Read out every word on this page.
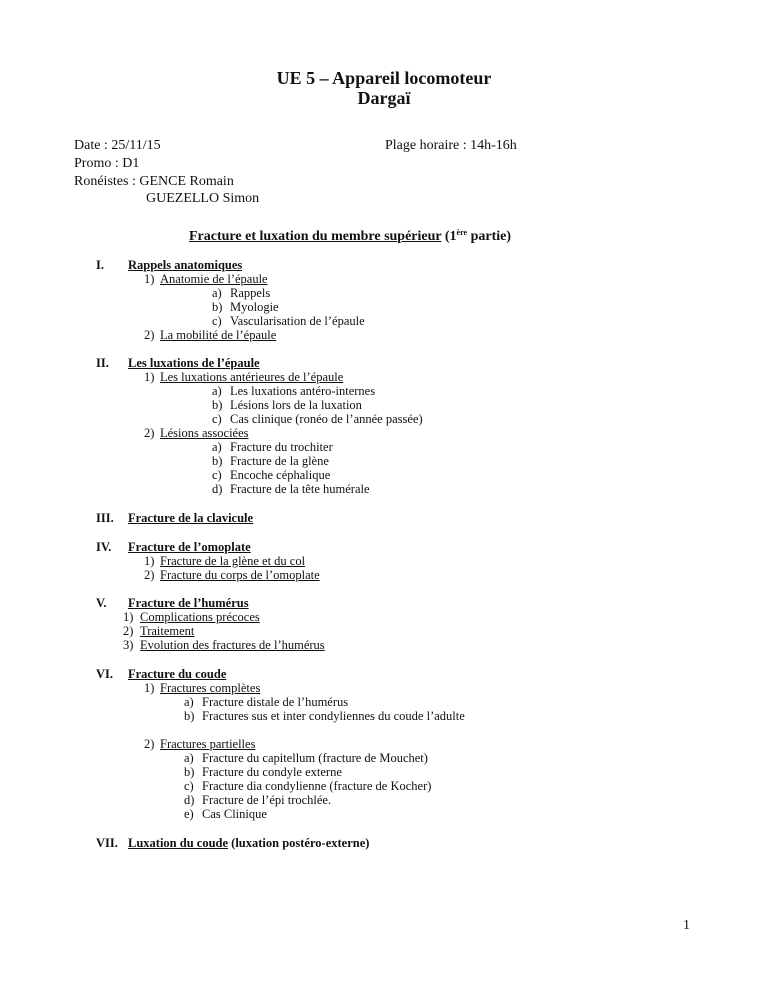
UE 5 – Appareil locomoteur
Dargaï
Date : 25/11/15	Plage horaire : 14h-16h
Promo : D1
Ronéistes : GENCE Romain
GUEZELLO Simon
Fracture et luxation du membre supérieur (1ère partie)
I. Rappels anatomiques
1) Anatomie de l’épaule
a) Rappels
b) Myologie
c) Vascularisation de l’épaule
2) La mobilité de l’épaule
II. Les luxations de l’épaule
1) Les luxations antérieures de l’épaule
a) Les luxations antéro-internes
b) Lésions lors de la luxation
c) Cas clinique (ronéo de l’année passée)
2) Lésions associées
a) Fracture du trochiter
b) Fracture de la glène
c) Encoche céphalique
d) Fracture de la tête humérale
III. Fracture de la clavicule
IV. Fracture de l’omoplate
1) Fracture de la glène et du col
2) Fracture du corps de l’omoplate
V. Fracture de l’humérus
1) Complications précoces
2) Traitement
3) Evolution des fractures de l’humérus
VI. Fracture du coude
1) Fractures complètes
a) Fracture distale de l’humérus
b) Fractures sus et inter condyliennes du coude l’adulte
2) Fractures partielles
a) Fracture du capitellum (fracture de Mouchet)
b) Fracture du condyle externe
c) Fracture dia condylienne (fracture de Kocher)
d) Fracture de l’épi trochlée.
e) Cas Clinique
VII. Luxation du coude (luxation postéro-externe)
1
